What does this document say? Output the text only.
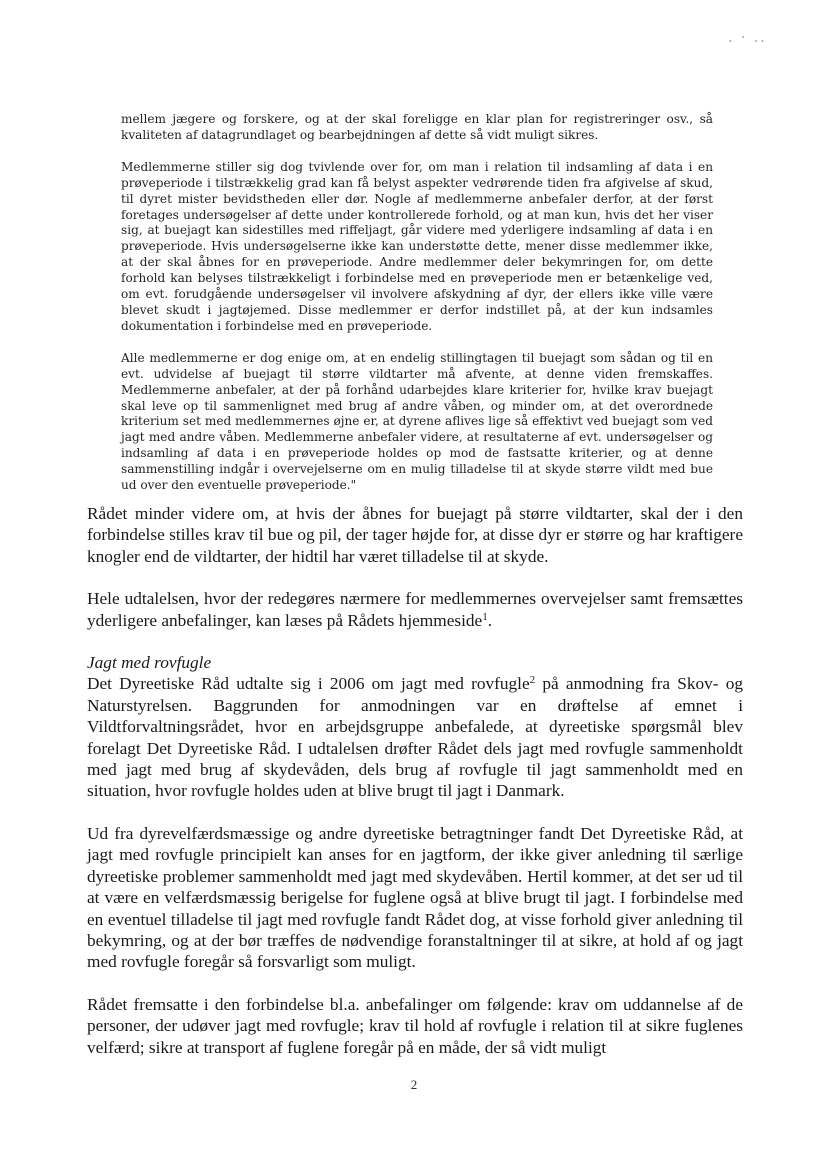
. · ..

mellem jægere og forskere, og at der skal foreligge en klar plan for registreringer osv., så kvaliteten af datagrundlaget og bearbejdningen af dette så vidt muligt sikres.

Medlemmerne stiller sig dog tvivlende over for, om man i relation til indsamling af data i en prøveperiode i tilstrækkelig grad kan få belyst aspekter vedrørende tiden fra afgivelse af skud, til dyret mister bevidstheden eller dør. Nogle af medlemmerne anbefaler derfor, at der først foretages undersøgelser af dette under kontrollerede forhold, og at man kun, hvis det her viser sig, at buejagt kan sidestilles med riffeljagt, går videre med yderligere indsamling af data i en prøveperiode. Hvis undersøgelserne ikke kan understøtte dette, mener disse medlemmer ikke, at der skal åbnes for en prøveperiode. Andre medlemmer deler bekymringen for, om dette forhold kan belyses tilstrækkeligt i forbindelse med en prøveperiode men er betænkelige ved, om evt. forudgående undersøgelser vil involvere afskydning af dyr, der ellers ikke ville være blevet skudt i jagtøjemed. Disse medlemmer er derfor indstillet på, at der kun indsamles dokumentation i forbindelse med en prøveperiode.

Alle medlemmerne er dog enige om, at en endelig stillingtagen til buejagt som sådan og til en evt. udvidelse af buejagt til større vildtarter må afvente, at denne viden fremskaffes. Medlemmerne anbefaler, at der på forhånd udarbejdes klare kriterier for, hvilke krav buejagt skal leve op til sammenlignet med brug af andre våben, og minder om, at det overordnede kriterium set med medlemmernes øjne er, at dyrene aflives lige så effektivt ved buejagt som ved jagt med andre våben. Medlemmerne anbefaler videre, at resultaterne af evt. undersøgelser og indsamling af data i en prøveperiode holdes op mod de fastsatte kriterier, og at denne sammenstilling indgår i overvejelserne om en mulig tilladelse til at skyde større vildt med bue ud over den eventuelle prøveperiode."

Rådet minder videre om, at hvis der åbnes for buejagt på større vildtarter, skal der i den forbindelse stilles krav til bue og pil, der tager højde for, at disse dyr er større og har kraftigere knogler end de vildtarter, der hidtil har været tilladelse til at skyde.

Hele udtalelsen, hvor der redegøres nærmere for medlemmernes overvejelser samt fremsættes yderligere anbefalinger, kan læses på Rådets hjemmeside$^1$.

Jagt med rovfugle

Det Dyreetiske Råd udtalte sig i 2006 om jagt med rovfugle$^2$ på anmodning fra Skov- og Naturstyrelsen. Baggrunden for anmodningen var en drøftelse af emnet i Vildtforvaltningsrådet, hvor en arbejdsgruppe anbefalede, at dyreetiske spørgsmål blev forelagt Det Dyreetiske Råd. I udtalelsen drøfter Rådet dels jagt med rovfugle sammenholdt med jagt med brug af skydevåden, dels brug af rovfugle til jagt sammenholdt med en situation, hvor rovfugle holdes uden at blive brugt til jagt i Danmark.

Ud fra dyrevelfærdsmæssige og andre dyreetiske betragtninger fandt Det Dyreetiske Råd, at jagt med rovfugle principielt kan anses for en jagtform, der ikke giver anledning til særlige dyreetiske problemer sammenholdt med jagt med skydevåben. Hertil kommer, at det ser ud til at være en velfærdsmæssig berigelse for fuglene også at blive brugt til jagt. I forbindelse med en eventuel tilladelse til jagt med rovfugle fandt Rådet dog, at visse forhold giver anledning til bekymring, og at der bør træffes de nødvendige foranstaltninger til at sikre, at hold af og jagt med rovfugle foregår så forsvarligt som muligt.

Rådet fremsatte i den forbindelse bl.a. anbefalinger om følgende: krav om uddannelse af de personer, der udøver jagt med rovfugle; krav til hold af rovfugle i relation til at sikre fuglenes velfærd; sikre at transport af fuglene foregår på en måde, der så vidt muligt

2
